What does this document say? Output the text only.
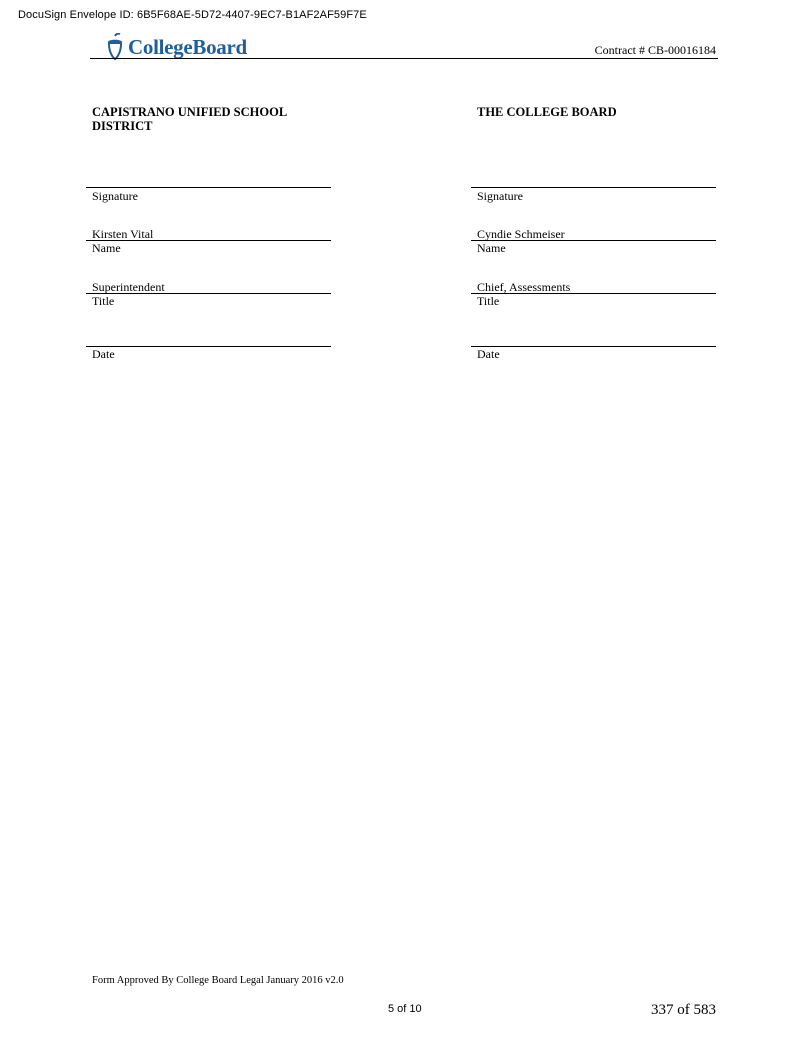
DocuSign Envelope ID: 6B5F68AE-5D72-4407-9EC7-B1AF2AF59F7E
CollegeBoard	Contract # CB-00016184
CAPISTRANO UNIFIED SCHOOL DISTRICT
Signature
Kirsten Vital
Name
Superintendent
Title
Date
THE COLLEGE BOARD
Signature
Cyndie Schmeiser
Name
Chief, Assessments
Title
Date
Form Approved By College Board Legal January 2016 v2.0
5 of 10	337 of 583
